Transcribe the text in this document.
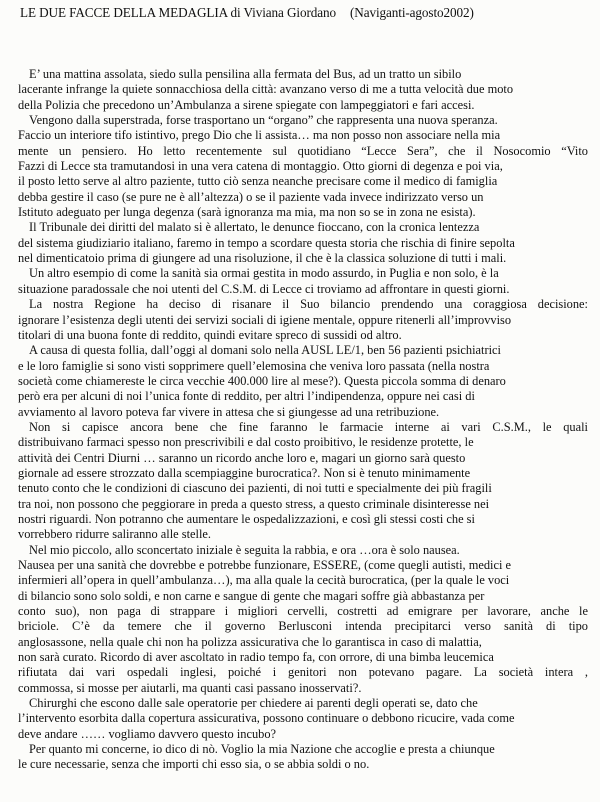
LE DUE FACCE DELLA MEDAGLIA di Viviana Giordano (Naviganti-agosto2002)
E’ una mattina assolata, siedo sulla pensilina alla fermata del Bus, ad un tratto un sibilo
lacerante infrange la quiete sonnacchiosa della città: avanzano verso di me a tutta velocità due moto
della Polizia che precedono un’Ambulanza a sirene spiegate con lampeggiatori e fari accesi.
Vengono dalla superstrada, forse trasportano un “organo” che rappresenta una nuova speranza.
Faccio un interiore tifo istintivo, prego Dio che li assista… ma non posso non associare nella mia
mente un pensiero. Ho letto recentemente sul quotidiano “Lecce Sera”, che il Nosocomio “Vito
Fazzi di Lecce sta tramutandosi in una vera catena di montaggio. Otto giorni di degenza e poi via,
il posto letto serve al altro paziente, tutto ciò senza neanche precisare come il medico di famiglia
debba gestire il caso (se pure ne è all’altezza) o se il paziente vada invece indirizzato verso un
Istituto adeguato per lunga degenza (sarà ignoranza ma mia, ma non so se in zona ne esista).
Il Tribunale dei diritti del malato si è allertato, le denunce fioccano, con la cronica lentezza
del sistema giudiziario italiano, faremo in tempo a scordare questa storia che rischia di finire sepolta
nel dimenticatoio prima di giungere ad una risoluzione, il che è la classica soluzione di tutti i mali.
Un altro esempio di come la sanità sia ormai gestita in modo assurdo, in Puglia e non solo, è la
situazione paradossale che noi utenti del C.S.M. di Lecce ci troviamo ad affrontare in questi giorni.
La nostra Regione ha deciso di risanare il Suo bilancio prendendo una coraggiosa decisione:
ignorare l’esistenza degli utenti dei servizi sociali di igiene mentale, oppure ritenerli all’improvviso
titolari di una buona fonte di reddito, quindi evitare spreco di sussidi od altro.
A causa di questa follia, dall’oggi al domani solo nella AUSL LE/1, ben 56 pazienti psichiatrici
e le loro famiglie si sono visti sopprimere quell’elemosina che veniva loro passata (nella nostra
società come chiamereste le circa vecchie 400.000 lire al mese?). Questa piccola somma di denaro
però era per alcuni di noi l’unica fonte di reddito, per altri l’indipendenza, oppure nei casi di
avviamento al lavoro poteva far vivere in attesa che si giungesse ad una retribuzione.
Non si capisce ancora bene che fine faranno le farmacie interne ai vari C.S.M., le quali
distribuivano farmaci spesso non prescrivibili e dal costo proibitivo, le residenze protette, le
attività dei Centri Diurni … saranno un ricordo anche loro e, magari un giorno sarà questo
giornale ad essere strozzato dalla scempiaggine burocratica?. Non si è tenuto minimamente
tenuto conto che le condizioni di ciascuno dei pazienti, di noi tutti e specialmente dei più fragili
tra noi, non possono che peggiorare in preda a questo stress, a questo criminale disinteresse nei
nostri riguardi. Non potranno che aumentare le ospedalizzazioni, e così gli stessi costi che si
vorrebbero ridurre saliranno alle stelle.
Nel mio piccolo, allo sconcertato iniziale è seguita la rabbia, e ora …ora è solo nausea.
Nausea per una sanità che dovrebbe e potrebbe funzionare, ESSERE, (come quegli autisti, medici e
infermieri all’opera in quell’ambulanza…), ma alla quale la cecità burocratica, (per la quale le voci
di bilancio sono solo soldi, e non carne e sangue di gente che magari soffre già abbastanza per
conto suo), non paga di strappare i migliori cervelli, costretti ad emigrare per lavorare, anche le
briciole. C’è da temere che il governo Berlusconi intenda precipitarci verso sanità di tipo
anglosassone, nella quale chi non ha polizza assicurativa che lo garantisca in caso di malattia,
non sarà curato. Ricordo di aver ascoltato in radio tempo fa, con orrore, di una bimba leucemica
rifiutata dai vari ospedali inglesi, poiché i genitori non potevano pagare. La società intera ,
commossa, si mosse per aiutarli, ma quanti casi passano inosservati?.
Chirurghi che escono dalle sale operatorie per chiedere ai parenti degli operati se, dato che
l’intervento esorbita dalla copertura assicurativa, possono continuare o debbono ricucire, vada come
deve andare …… vogliamo davvero questo incubo?
Per quanto mi concerne, io dico di nò. Voglio la mia Nazione che accoglie e presta a chiunque
le cure necessarie, senza che importi chi esso sia, o se abbia soldi o no.
